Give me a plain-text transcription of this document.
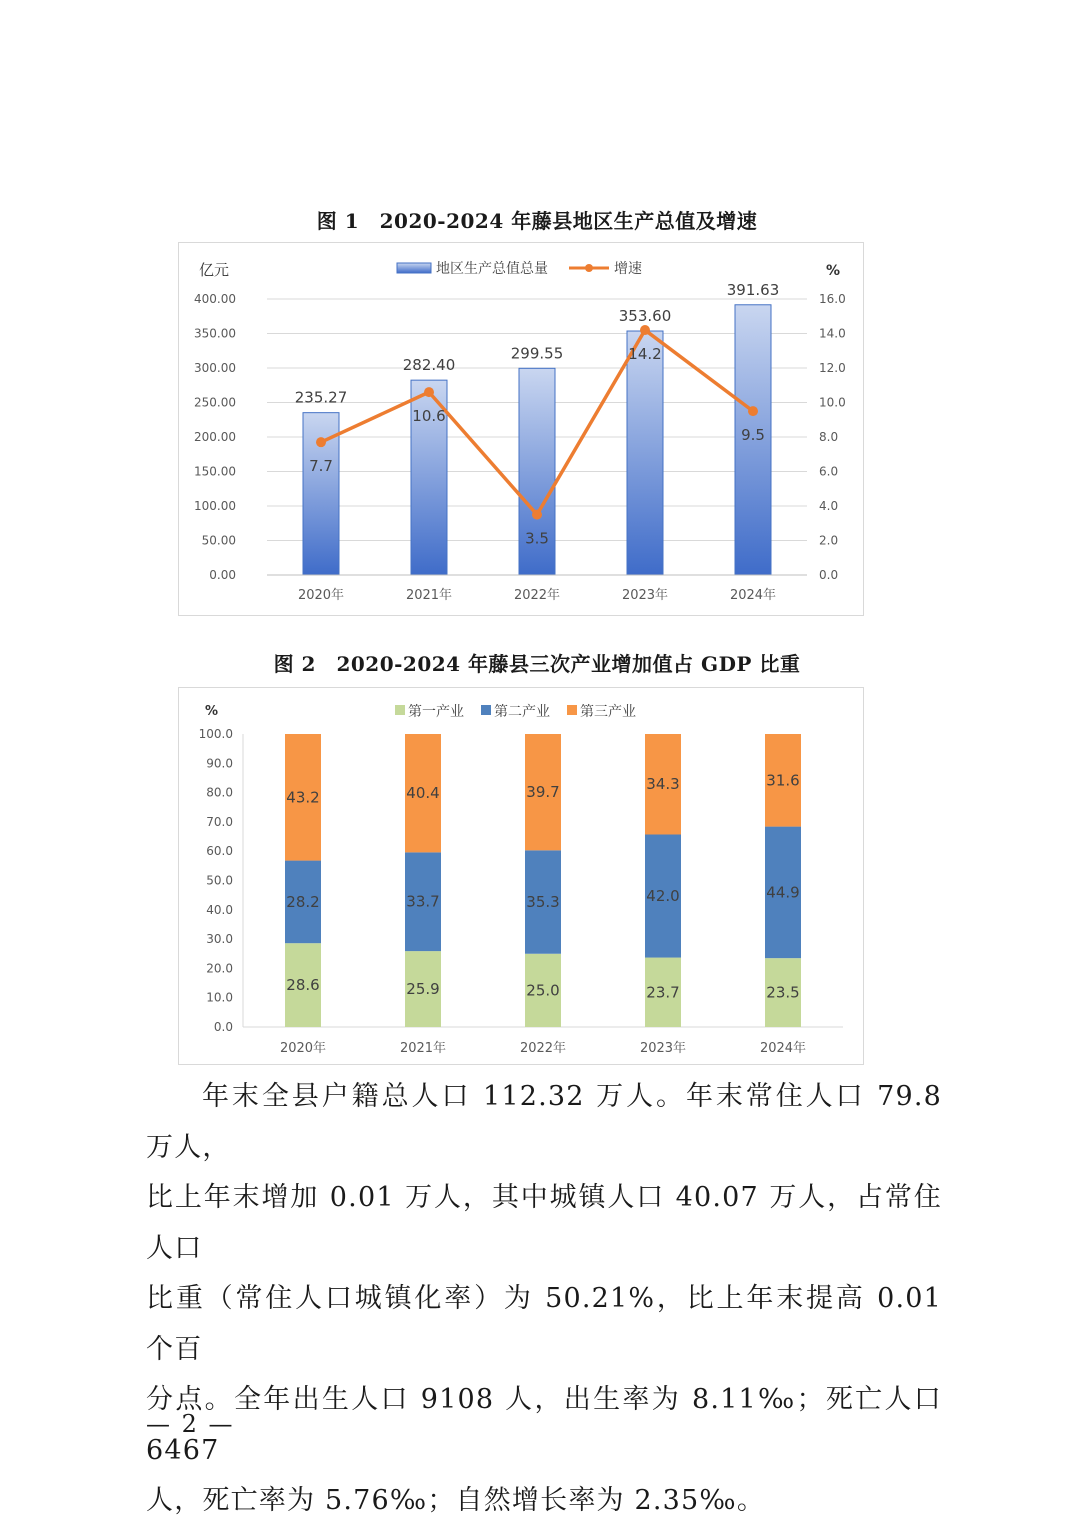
图 1　2020-2024 年藤县地区生产总值及增速
0.00
50.00
100.00
150.00
200.00
250.00
300.00
350.00
400.00
0.0
2.0
4.0
6.0
8.0
10.0
12.0
14.0
16.0
亿元	%
地区生产总值总量	增速
235.27
282.40
299.55
353.60
391.63
7.7
10.6
3.5
14.2
9.5
2020年	2021年	2022年	2023年	2024年
图 2　2020-2024 年藤县三次产业增加值占 GDP 比重
0.0
10.0
20.0
30.0
40.0
50.0
60.0
70.0
80.0
90.0
100.0
%	第一产业 第二产业 第三产业
28.6
28.2
43.2
2020年
25.9
33.7
40.4
2021年
25.0
35.3
39.7
2022年
23.7
42.0
34.3
2023年
23.5
44.9
31.6
2024年
年末全县户籍总人口 112.32 万人。年末常住人口 79.8 万人，
比上年末增加 0.01 万人，其中城镇人口 40.07 万人，占常住人口
比重（常住人口城镇化率）为 50.21%，比上年末提高 0.01 个百
分点。全年出生人口 9108 人，出生率为 8.11‰；死亡人口 6467
人，死亡率为 5.76‰；自然增长率为 2.35‰。
— 2 —
